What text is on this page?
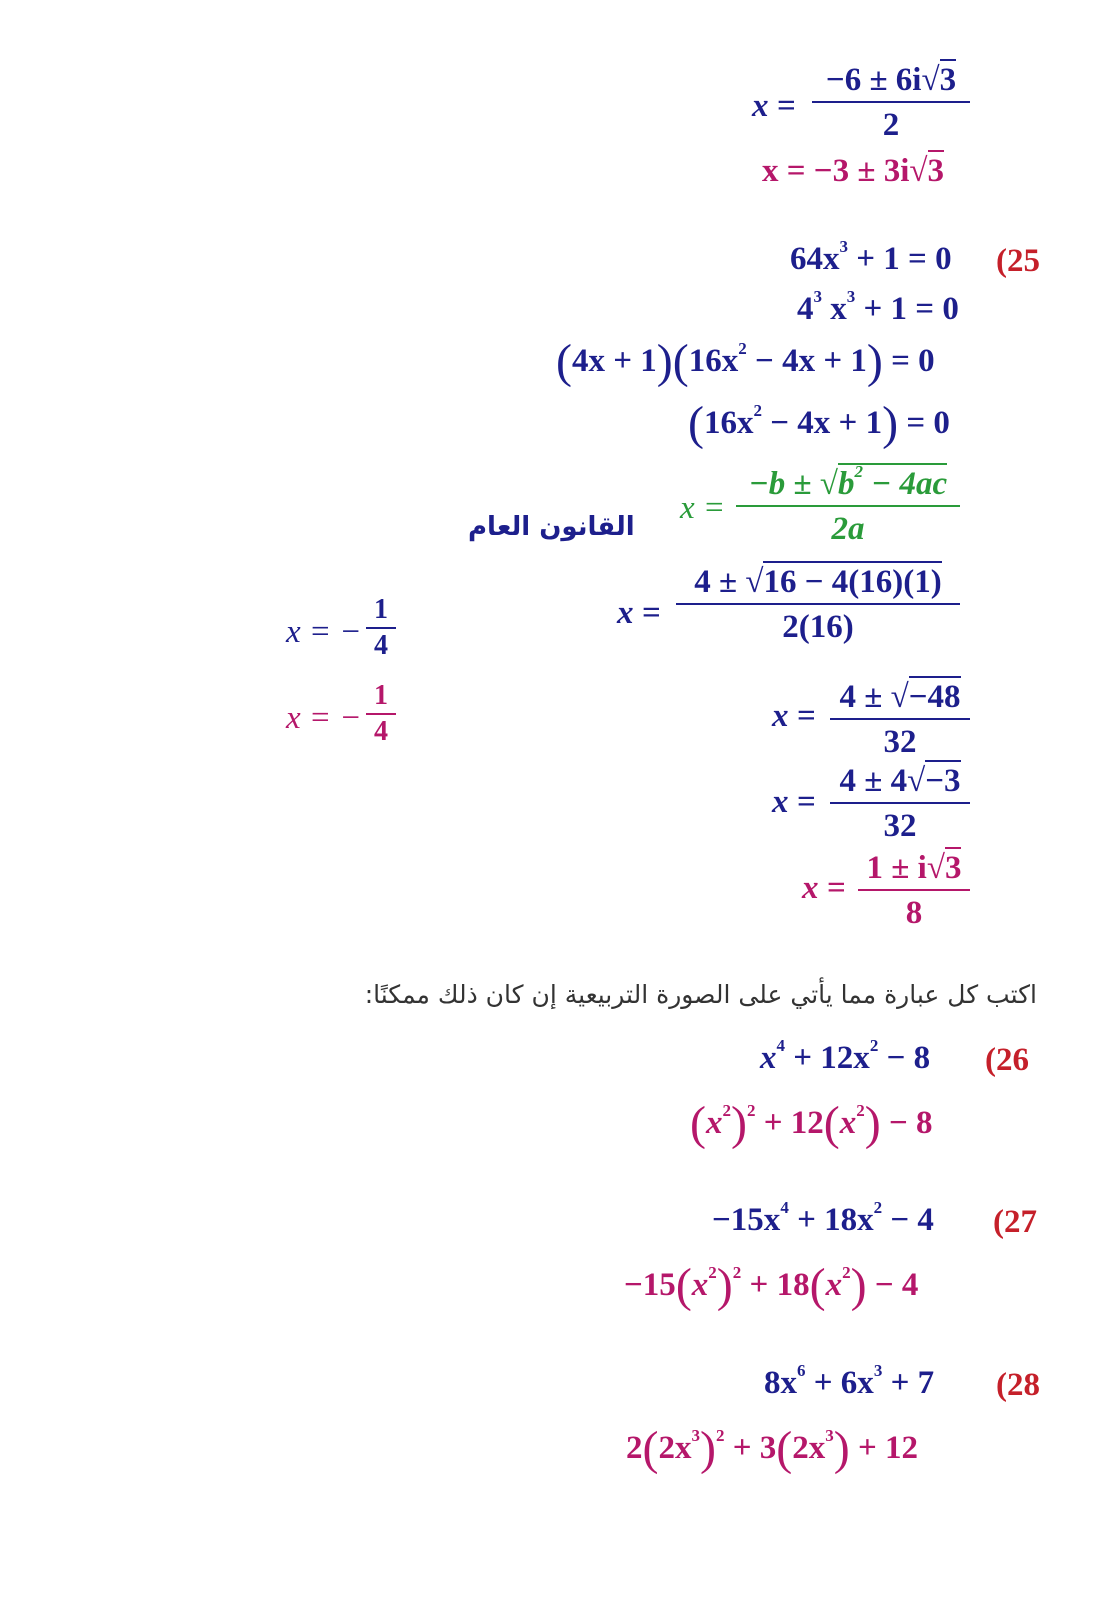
$x = \frac{-6 \pm 6i√3}{2}$
x = −3 ± 3i√3
(25
$64x^3 + 1 = 0$
$4^3$ $x^3 + 1 = 0$
$(4x + 1)(16x^2 - 4x + 1) = 0$
$(16x^2 - 4x + 1) = 0$
$x = \frac{-b \pm √b^2 - 4ac}{2a}$
القانون العام
$x = \frac{4 \pm √16 - 4(16)(1)}{2(16)}$
$x = \frac{4 \pm √-48}{32}$
$x = \frac{4 \pm 4√-3}{32}$
$x = \frac{1 \pm i√3}{8}$
x = − $\frac{1}{4}$
x = − $\frac{1}{4}$
اكتب كل عبارة مما يأتي على الصورة التربيعية إن كان ذلك ممكنًا:
(26
$x^4 + 12x^2 - 8$
$(x^2)^2 + 12(x^2) - 8$
(27
$-15x^4 + 18x^2 - 4$
$-15(x^2)^2 + 18(x^2) - 4$
(28
$8x^6 + 6x^3 + 7$
$2(2x^3)^2 + 3(2x^3) + 12$
